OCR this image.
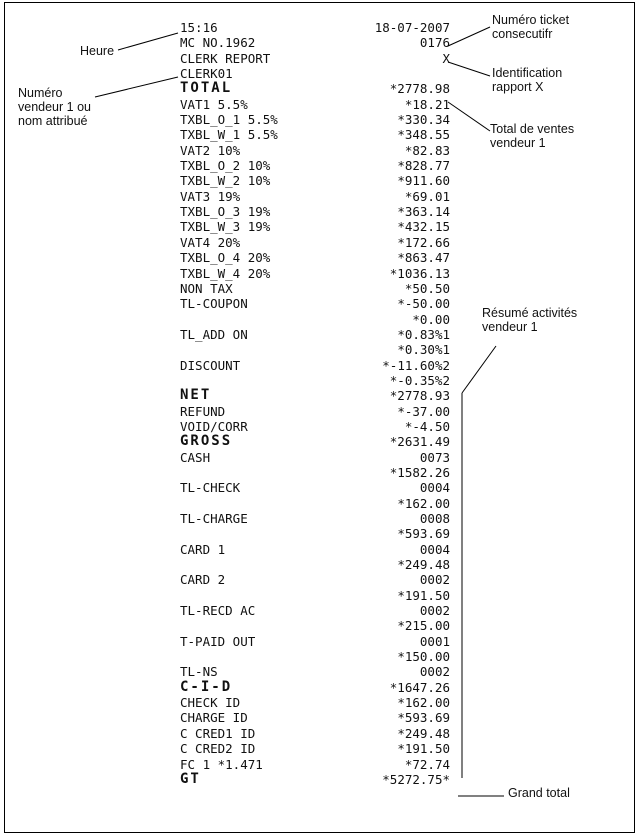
15:16	18-07-2007
MC NO.1962	0176
CLERK REPORT	X
CLERK01
TOTAL	*2778.98
VAT1 5.5%	*18.21
TXBL_O_1 5.5%	*330.34
TXBL_W_1 5.5%	*348.55
VAT2 10%	*82.83
TXBL_O_2 10%	*828.77
TXBL_W_2 10%	*911.60
VAT3 19%	*69.01
TXBL_O_3 19%	*363.14
TXBL_W_3 19%	*432.15
VAT4 20%	*172.66
TXBL_O_4 20%	*863.47
TXBL_W_4 20%	*1036.13
NON TAX	*50.50
TL-COUPON	*-50.00
*0.00
TL_ADD ON	*0.83%1
*0.30%1
DISCOUNT	*-11.60%2
*-0.35%2
NET	*2778.93
REFUND	*-37.00
VOID/CORR	*-4.50
GROSS	*2631.49
CASH	0073
*1582.26
TL-CHECK	0004
*162.00
TL-CHARGE	0008
*593.69
CARD 1	0004
*249.48
CARD 2	0002
*191.50
TL-RECD AC	0002
*215.00
T-PAID OUT	0001
*150.00
TL-NS	0002
C-I-D	*1647.26
CHECK ID	*162.00
CHARGE ID	*593.69
C CRED1 ID	*249.48
C CRED2 ID	*191.50
FC 1 *1.471	*72.74
GT	*5272.75*
Heure
Numéro
vendeur 1 ou
nom attribué
Numéro ticket
consecutifr
Identification
rapport X
Total de ventes
vendeur 1
Résumé activités
vendeur 1
Grand total
